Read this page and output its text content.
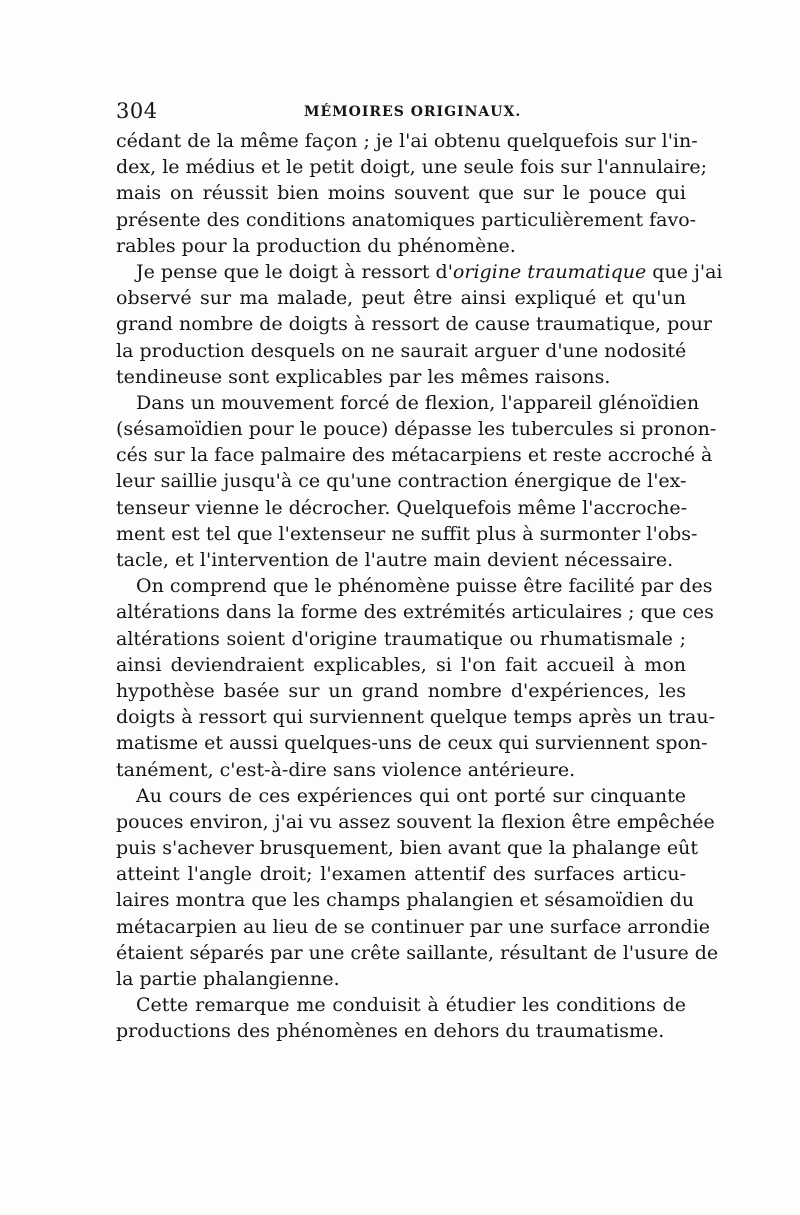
304	MÉMOIRES ORIGINAUX.
cédant de la même façon ; je l'ai obtenu quelquefois sur l'in-
dex, le médius et le petit doigt, une seule fois sur l'annulaire;
mais on réussit bien moins souvent que sur le pouce qui
présente des conditions anatomiques particulièrement favo-
rables pour la production du phénomène.
Je pense que le doigt à ressort d'origine traumatique que j'ai
observé sur ma malade, peut être ainsi expliqué et qu'un
grand nombre de doigts à ressort de cause traumatique, pour
la production desquels on ne saurait arguer d'une nodosité
tendineuse sont explicables par les mêmes raisons.
Dans un mouvement forcé de flexion, l'appareil glénoïdien
(sésamoïdien pour le pouce) dépasse les tubercules si pronon-
cés sur la face palmaire des métacarpiens et reste accroché à
leur saillie jusqu'à ce qu'une contraction énergique de l'ex-
tenseur vienne le décrocher. Quelquefois même l'accroche-
ment est tel que l'extenseur ne suffit plus à surmonter l'obs-
tacle, et l'intervention de l'autre main devient nécessaire.
On comprend que le phénomène puisse être facilité par des
altérations dans la forme des extrémités articulaires ; que ces
altérations soient d'origine traumatique ou rhumatismale ;
ainsi deviendraient explicables, si l'on fait accueil à mon
hypothèse basée sur un grand nombre d'expériences, les
doigts à ressort qui surviennent quelque temps après un trau-
matisme et aussi quelques-uns de ceux qui surviennent spon-
tanément, c'est-à-dire sans violence antérieure.
Au cours de ces expériences qui ont porté sur cinquante
pouces environ, j'ai vu assez souvent la flexion être empêchée
puis s'achever brusquement, bien avant que la phalange eût
atteint l'angle droit; l'examen attentif des surfaces articu-
laires montra que les champs phalangien et sésamoïdien du
métacarpien au lieu de se continuer par une surface arrondie
étaient séparés par une crête saillante, résultant de l'usure de
la partie phalangienne.
Cette remarque me conduisit à étudier les conditions de
productions des phénomènes en dehors du traumatisme.
